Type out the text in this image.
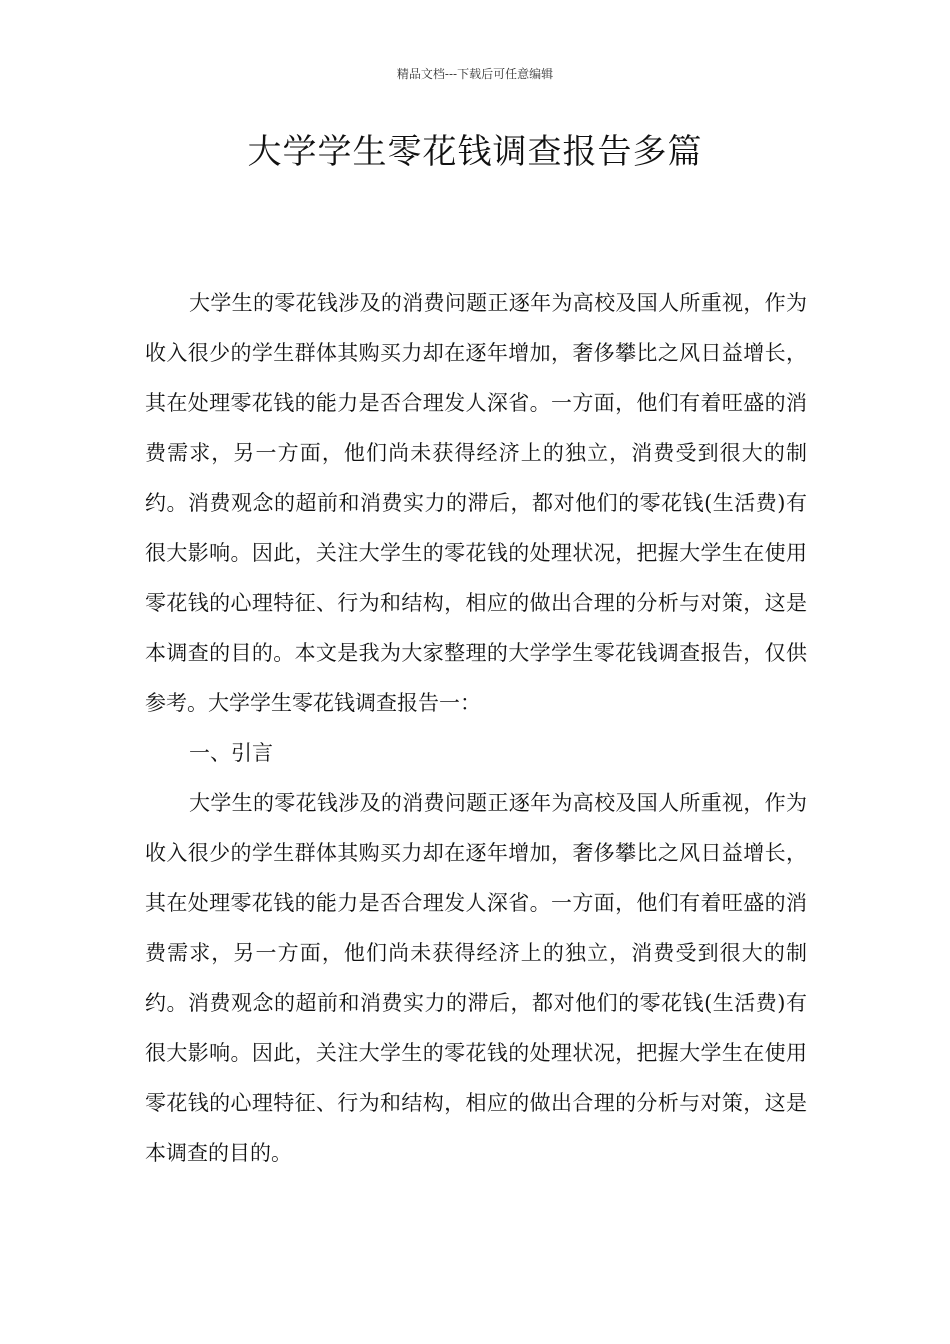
精品文档---下载后可任意编辑
大学学生零花钱调查报告多篇

大学生的零花钱涉及的消费问题正逐年为高校及国人所重视，作为收入很少的学生群体其购买力却在逐年增加，奢侈攀比之风日益增长，其在处理零花钱的能力是否合理发人深省。一方面，他们有着旺盛的消费需求，另一方面，他们尚未获得经济上的独立，消费受到很大的制约。消费观念的超前和消费实力的滞后，都对他们的零花钱(生活费)有很大影响。因此，关注大学生的零花钱的处理状况，把握大学生在使用零花钱的心理特征、行为和结构，相应的做出合理的分析与对策，这是本调查的目的。本文是我为大家整理的大学学生零花钱调查报告，仅供参考。大学学生零花钱调查报告一：

一、引言

大学生的零花钱涉及的消费问题正逐年为高校及国人所重视，作为收入很少的学生群体其购买力却在逐年增加，奢侈攀比之风日益增长，其在处理零花钱的能力是否合理发人深省。一方面，他们有着旺盛的消费需求，另一方面，他们尚未获得经济上的独立，消费受到很大的制约。消费观念的超前和消费实力的滞后，都对他们的零花钱(生活费)有很大影响。因此，关注大学生的零花钱的处理状况，把握大学生在使用零花钱的心理特征、行为和结构，相应的做出合理的分析与对策，这是本调查的目的。
